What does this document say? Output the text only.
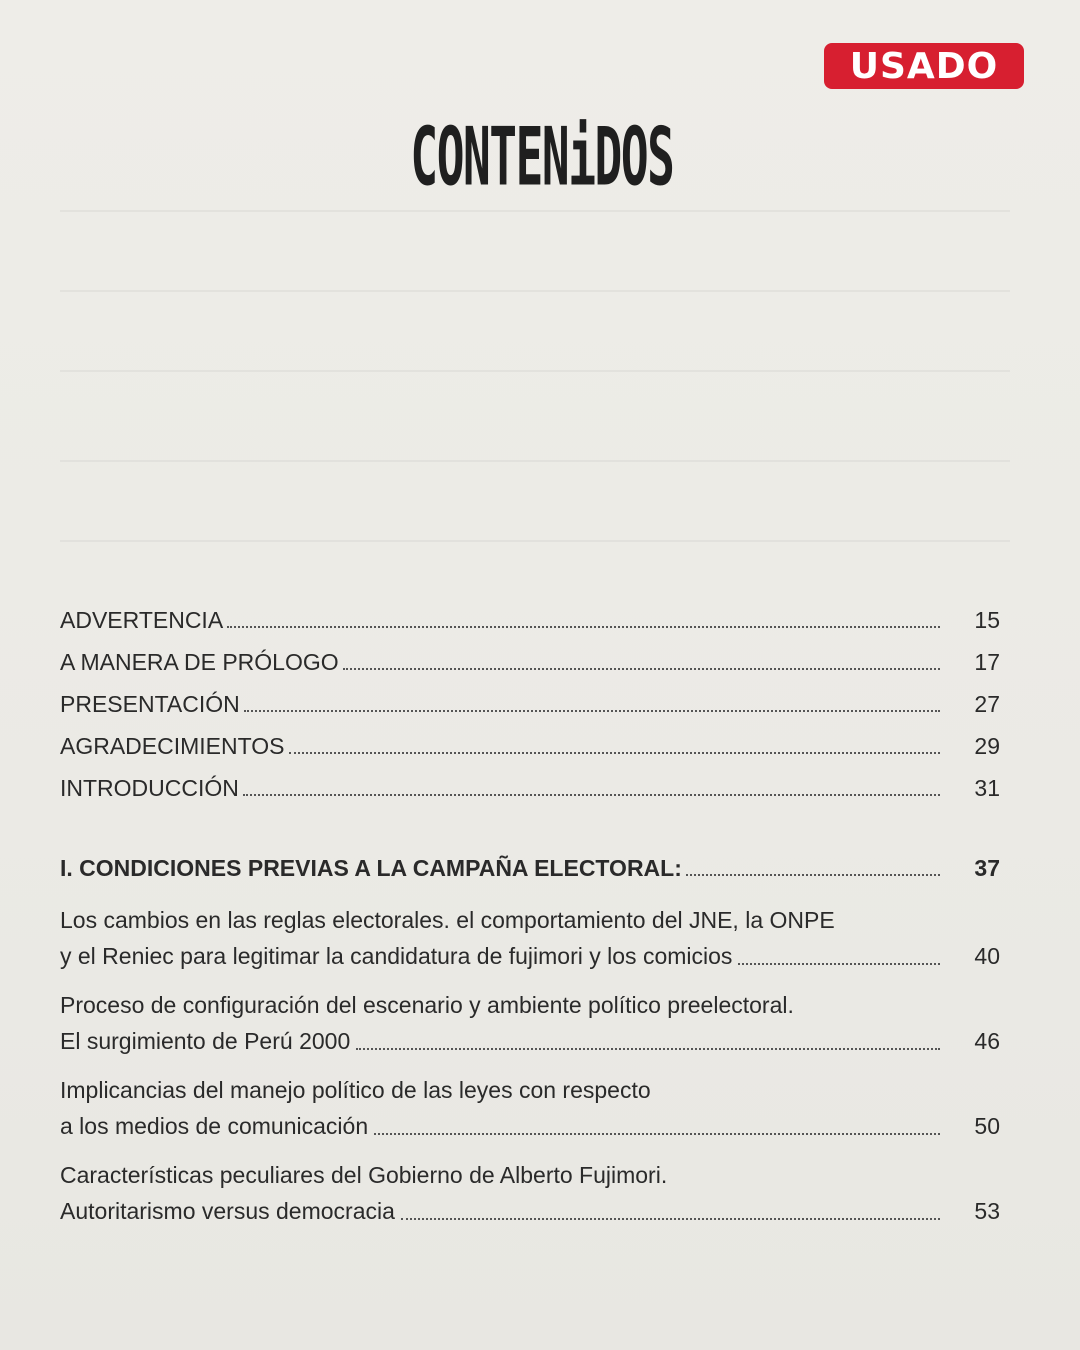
USADO
CONTENiDOS
ADVERTENCIA	15
A MANERA DE PRÓLOGO	17
PRESENTACIÓN	27
AGRADECIMIENTOS	29
INTRODUCCIÓN	31
I. CONDICIONES PREVIAS A LA CAMPAÑA ELECTORAL:	37
Los cambios en las reglas electorales. el comportamiento del JNE, la ONPE
y el Reniec para legitimar la candidatura de fujimori y los comicios	40
Proceso de configuración del escenario y ambiente político preelectoral.
El surgimiento de Perú 2000	46
Implicancias del manejo político de las leyes con respecto
a los medios de comunicación	50
Características peculiares del Gobierno de Alberto Fujimori.
Autoritarismo versus democracia	53
